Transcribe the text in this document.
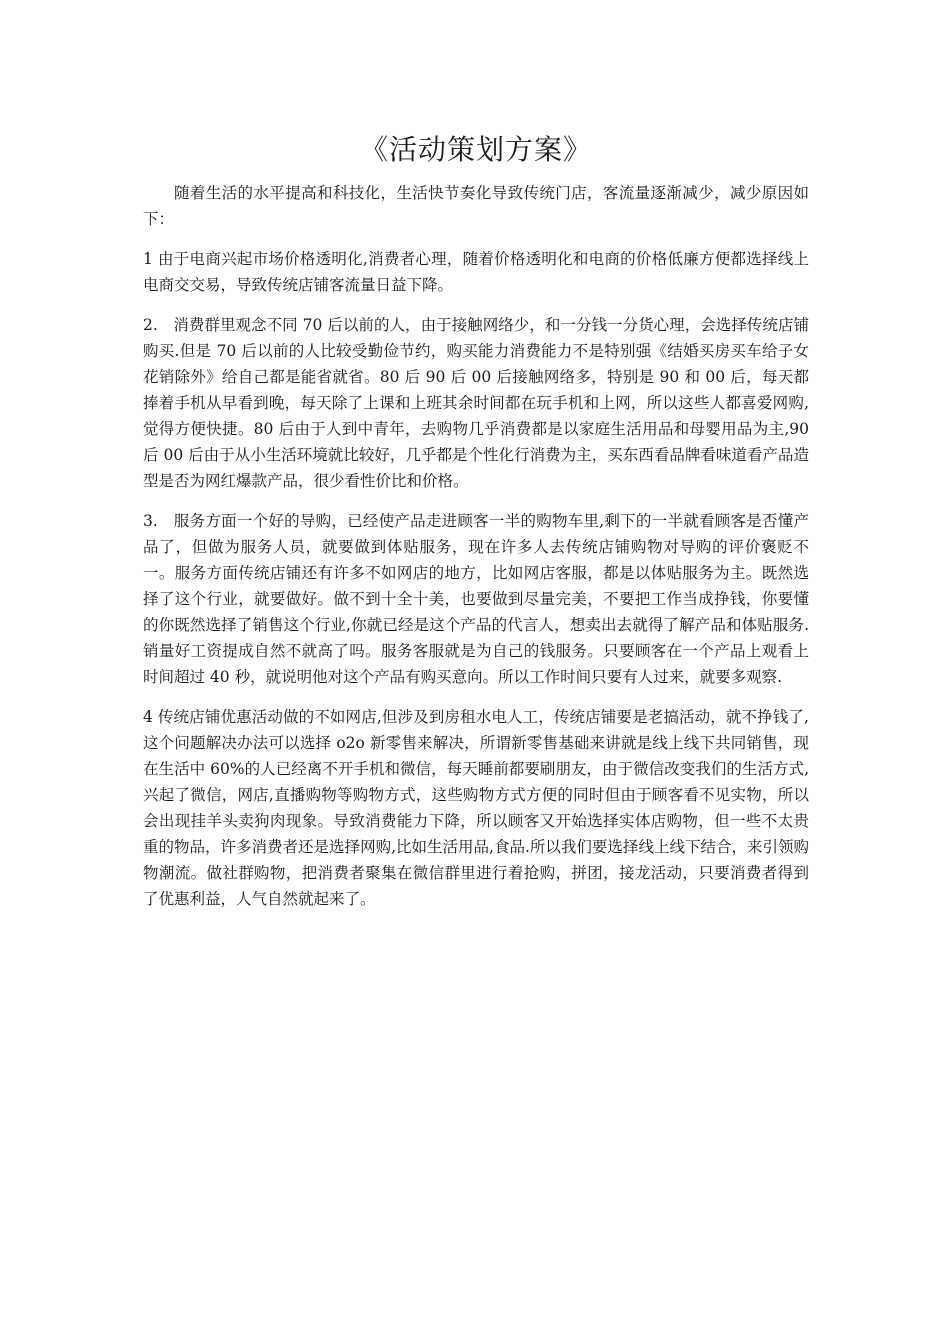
《活动策划方案》

随着生活的水平提高和科技化，生活快节奏化导致传统门店，客流量逐渐减少，减少原因如下：

1 由于电商兴起市场价格透明化,消费者心理，随着价格透明化和电商的价格低廉方便都选择线上电商交交易，导致传统店铺客流量日益下降。

2.　消费群里观念不同 70 后以前的人，由于接触网络少，和一分钱一分货心理，会选择传统店铺购买.但是 70 后以前的人比较受勤俭节约，购买能力消费能力不是特别强《结婚买房买车给子女花销除外》给自己都是能省就省。80 后 90 后 00 后接触网络多，特别是 90 和 00 后，每天都捧着手机从早看到晚，每天除了上课和上班其余时间都在玩手机和上网，所以这些人都喜爱网购,觉得方便快捷。80 后由于人到中青年，去购物几乎消费都是以家庭生活用品和母婴用品为主,90 后 00 后由于从小生活环境就比较好，几乎都是个性化行消费为主，买东西看品牌看味道看产品造型是否为网红爆款产品，很少看性价比和价格。

3.　服务方面一个好的导购，已经使产品走进顾客一半的购物车里,剩下的一半就看顾客是否懂产品了，但做为服务人员，就要做到体贴服务，现在许多人去传统店铺购物对导购的评价褒贬不一。服务方面传统店铺还有许多不如网店的地方，比如网店客服，都是以体贴服务为主。既然选择了这个行业，就要做好。做不到十全十美，也要做到尽量完美，不要把工作当成挣钱，你要懂的你既然选择了销售这个行业,你就已经是这个产品的代言人，想卖出去就得了解产品和体贴服务.销量好工资提成自然不就高了吗。服务客服就是为自己的钱服务。只要顾客在一个产品上观看上时间超过 40 秒，就说明他对这个产品有购买意向。所以工作时间只要有人过来，就要多观察.

4 传统店铺优惠活动做的不如网店,但涉及到房租水电人工，传统店铺要是老搞活动，就不挣钱了,这个问题解决办法可以选择 o2o 新零售来解决，所谓新零售基础来讲就是线上线下共同销售，现在生活中 60%的人已经离不开手机和微信，每天睡前都要刷朋友，由于微信改变我们的生活方式,兴起了微信，网店,直播购物等购物方式，这些购物方式方便的同时但由于顾客看不见实物，所以会出现挂羊头卖狗肉现象。导致消费能力下降，所以顾客又开始选择实体店购物，但一些不太贵重的物品，许多消费者还是选择网购,比如生活用品,食品.所以我们要选择线上线下结合，来引领购物潮流。做社群购物，把消费者聚集在微信群里进行着抢购，拼团，接龙活动，只要消费者得到了优惠利益，人气自然就起来了。
